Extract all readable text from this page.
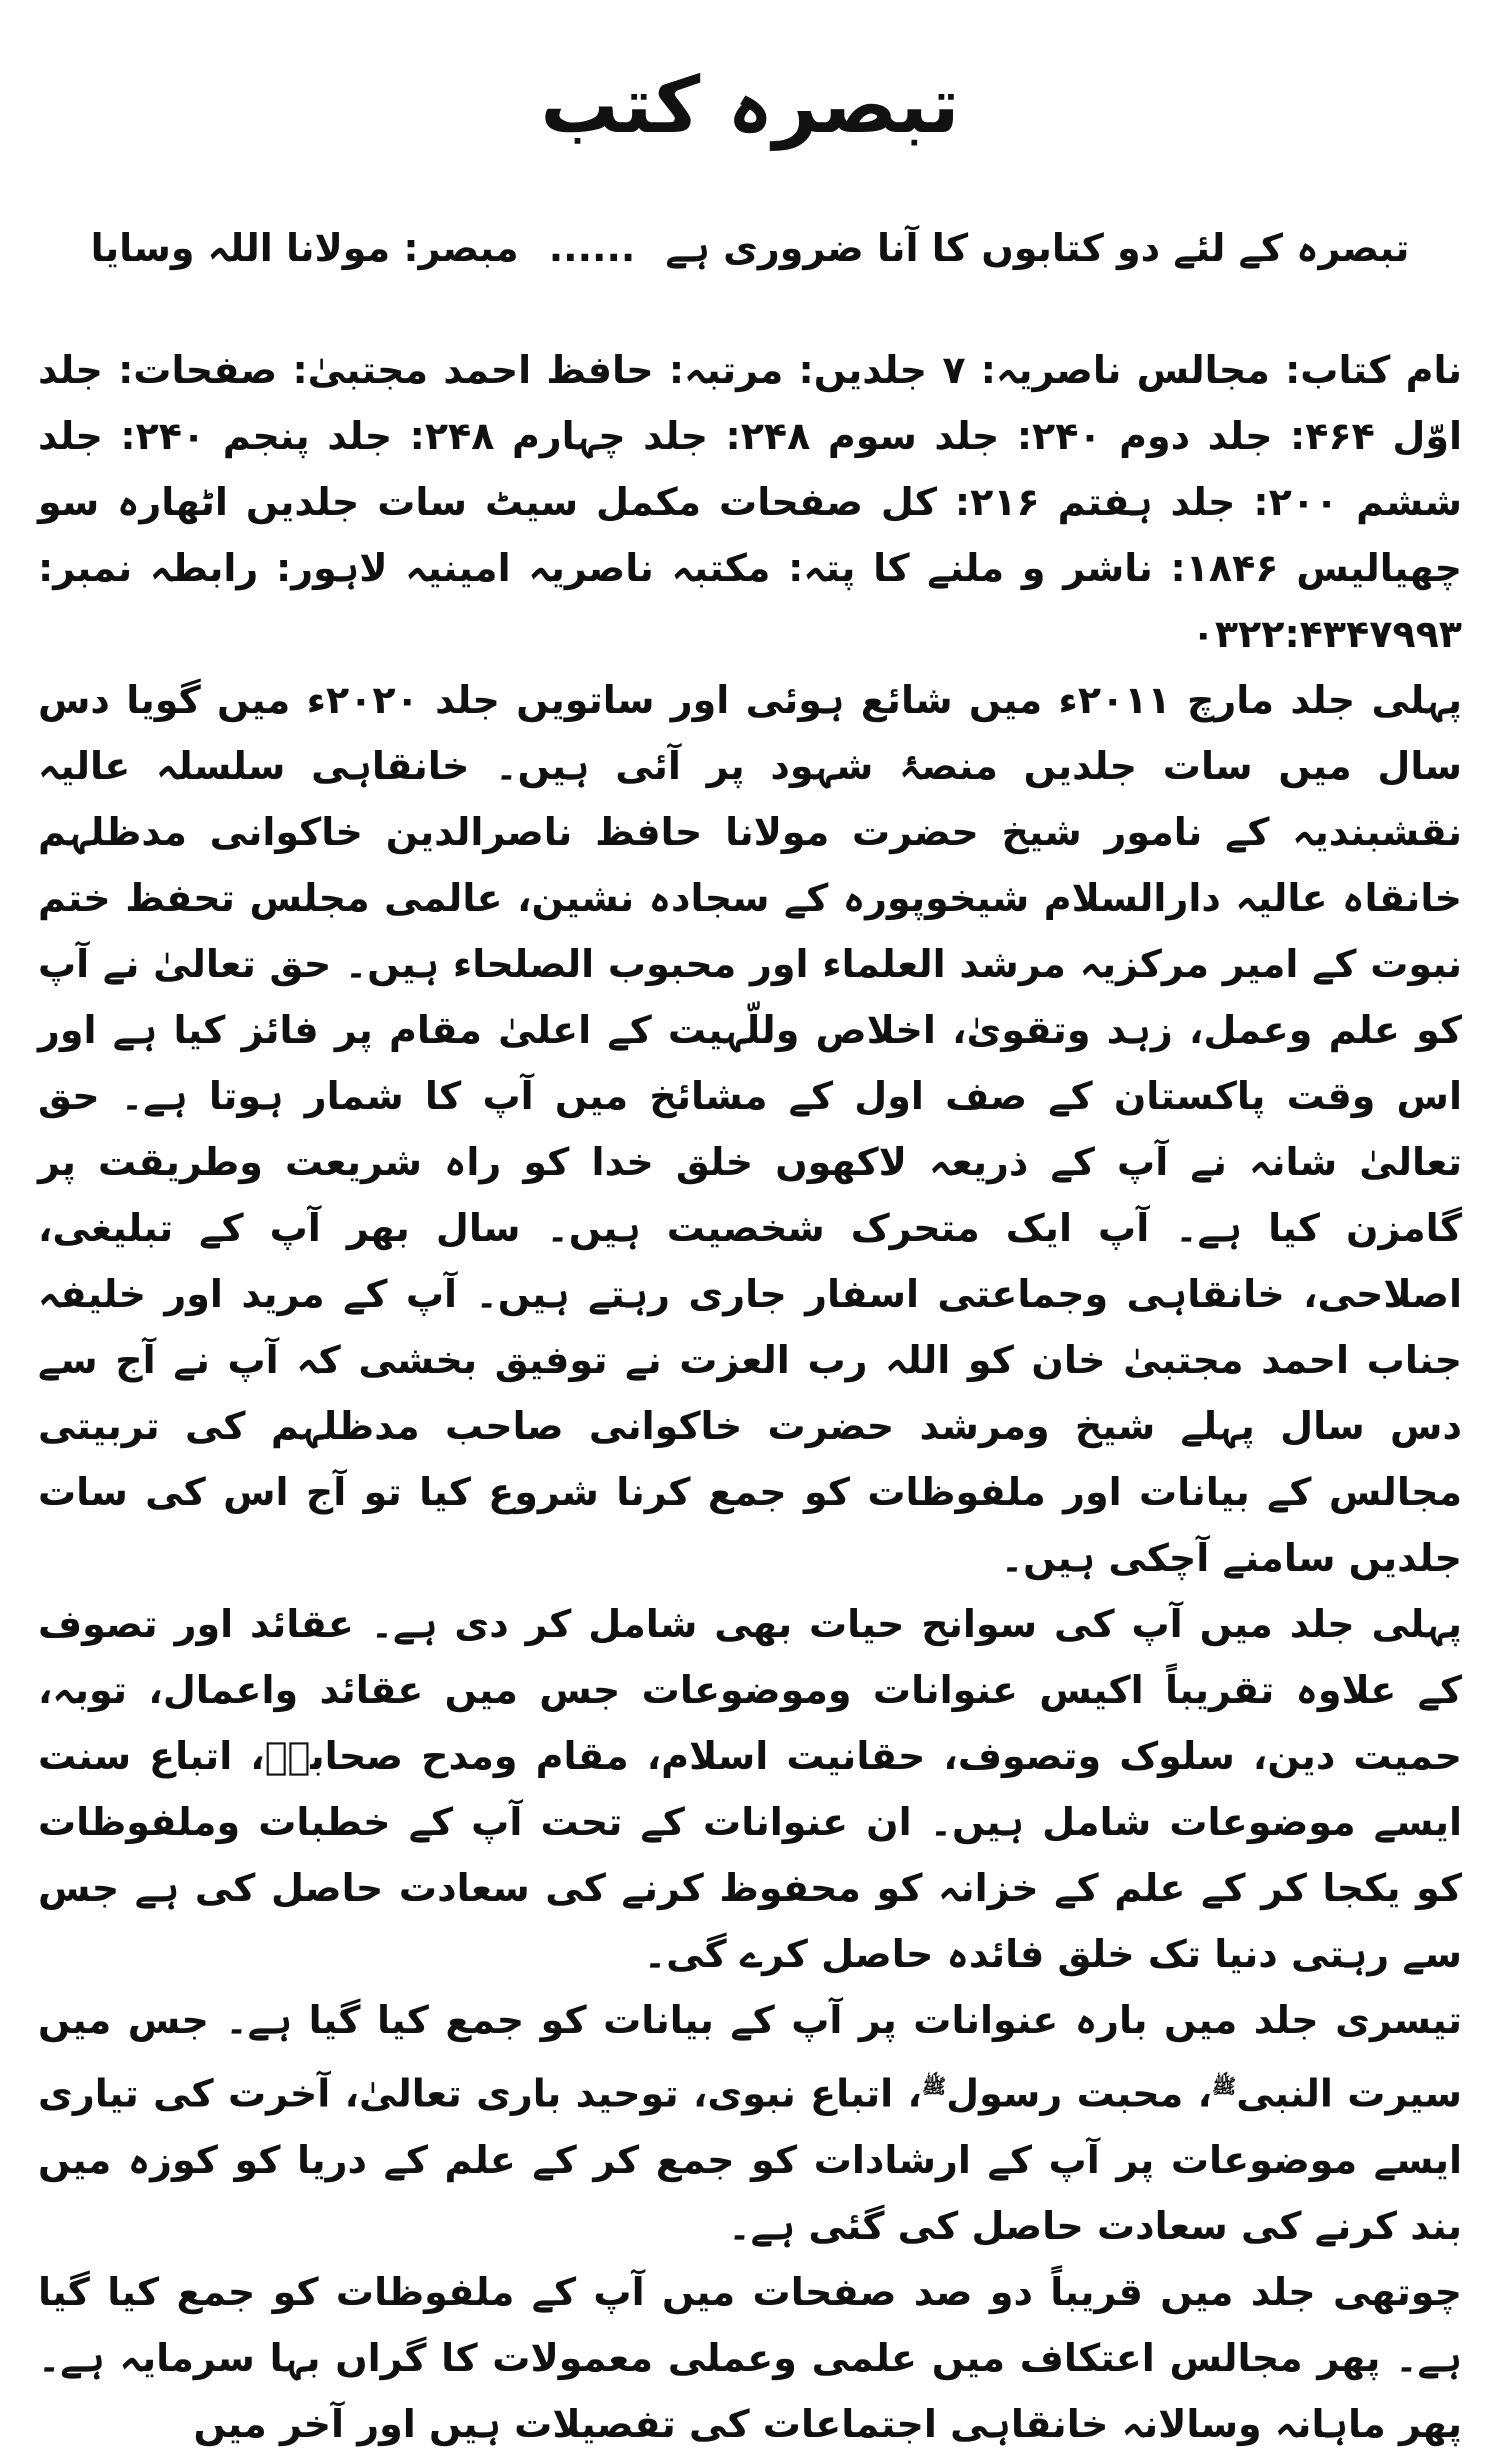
تبصرہ کتب
تبصرہ کے لئے دو کتابوں کا آنا ضروری ہے
......
مبصر: مولانا اللہ وسایا

نام کتاب: مجالس ناصریہ: ۷ جلدیں: مرتبہ: حافظ احمد مجتبیٰ: صفحات: جلد اوّل ۴۶۴: جلد دوم ۲۴۰: جلد سوم ۲۴۸: جلد چہارم ۲۴۸: جلد پنجم ۲۴۰: جلد ششم ۲۰۰: جلد ہفتم ۲۱۶: کل صفحات مکمل سیٹ سات جلدیں اٹھارہ سو چھیالیس ۱۸۴۶: ناشر و ملنے کا پتہ: مکتبہ ناصریہ امینیہ لاہور: رابطہ نمبر: ۰۳۲۲:۴۳۴۷۹۹۳

پہلی جلد مارچ ۲۰۱۱ء میں شائع ہوئی اور ساتویں جلد ۲۰۲۰ء میں گویا دس سال میں سات جلدیں منصۂ شہود پر آئی ہیں۔ خانقاہی سلسلہ عالیہ نقشبندیہ کے نامور شیخ حضرت مولانا حافظ ناصرالدین خاکوانی مدظلہم خانقاہ عالیہ دارالسلام شیخوپورہ کے سجادہ نشین، عالمی مجلس تحفظ ختم نبوت کے امیر مرکزیہ مرشد العلماء اور محبوب الصلحاء ہیں۔ حق تعالیٰ نے آپ کو علم وعمل، زہد وتقویٰ، اخلاص وللّہیت کے اعلیٰ مقام پر فائز کیا ہے اور اس وقت پاکستان کے صف اول کے مشائخ میں آپ کا شمار ہوتا ہے۔ حق تعالیٰ شانہ نے آپ کے ذریعہ لاکھوں خلق خدا کو راہ شریعت وطریقت پر گامزن کیا ہے۔ آپ ایک متحرک شخصیت ہیں۔ سال بھر آپ کے تبلیغی، اصلاحی، خانقاہی وجماعتی اسفار جاری رہتے ہیں۔ آپ کے مرید اور خلیفہ جناب احمد مجتبیٰ خان کو اللہ رب العزت نے توفیق بخشی کہ آپ نے آج سے دس سال پہلے شیخ ومرشد حضرت خاکوانی صاحب مدظلہم کی تربیتی مجالس کے بیانات اور ملفوظات کو جمع کرنا شروع کیا تو آج اس کی سات جلدیں سامنے آچکی ہیں۔

پہلی جلد میں آپ کی سوانح حیات بھی شامل کر دی ہے۔ عقائد اور تصوف کے علاوہ تقریباً اکیس عنوانات وموضوعات جس میں عقائد واعمال، توبہ، حمیت دین، سلوک وتصوف، حقانیت اسلام، مقام ومدح صحابہؓ، اتباع سنت ایسے موضوعات شامل ہیں۔ ان عنوانات کے تحت آپ کے خطبات وملفوظات کو یکجا کر کے علم کے خزانہ کو محفوظ کرنے کی سعادت حاصل کی ہے جس سے رہتی دنیا تک خلق فائدہ حاصل کرے گی۔

تیسری جلد میں بارہ عنوانات پر آپ کے بیانات کو جمع کیا گیا ہے۔ جس میں سیرت النبی$^ﷺ$، محبت رسول$^ﷺ$، اتباع نبوی، توحید باری تعالیٰ، آخرت کی تیاری ایسے موضوعات پر آپ کے ارشادات کو جمع کر کے علم کے دریا کو کوزہ میں بند کرنے کی سعادت حاصل کی گئی ہے۔

چوتھی جلد میں قریباً دو صد صفحات میں آپ کے ملفوظات کو جمع کیا گیا ہے۔ پھر مجالس اعتکاف میں علمی وعملی معمولات کا گراں بہا سرمایہ ہے۔ پھر ماہانہ وسالانہ خانقاہی اجتماعات کی تفصیلات ہیں اور آخر میں
